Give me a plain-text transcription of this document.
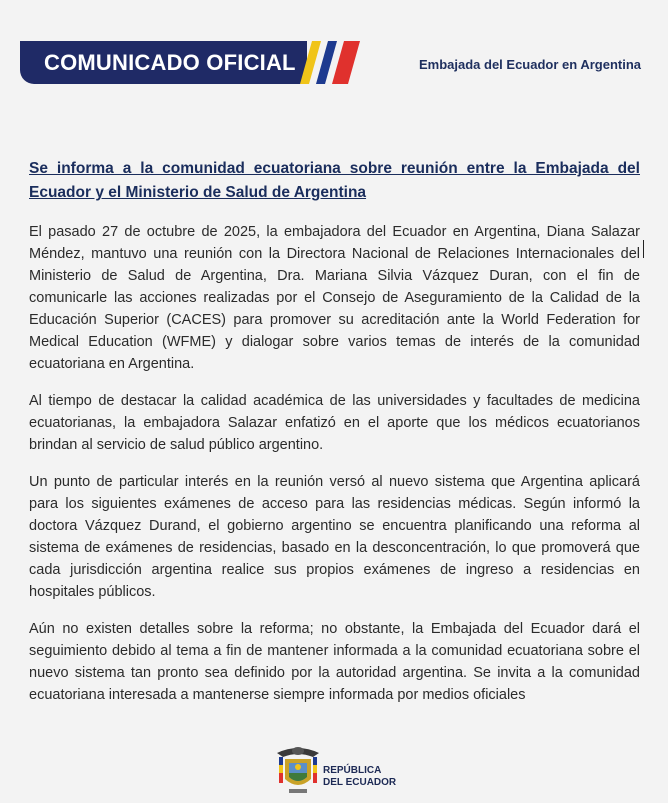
COMUNICADO OFICIAL	Embajada del Ecuador en Argentina
Se informa a la comunidad ecuatoriana sobre reunión entre la Embajada del Ecuador y el Ministerio de Salud de Argentina

El pasado 27 de octubre de 2025, la embajadora del Ecuador en Argentina, Diana Salazar Méndez, mantuvo una reunión con la Directora Nacional de Relaciones Internacionales del Ministerio de Salud de Argentina, Dra. Mariana Silvia Vázquez Duran, con el fin de comunicarle las acciones realizadas por el Consejo de Aseguramiento de la Calidad de la Educación Superior (CACES) para promover su acreditación ante la World Federation for Medical Education (WFME) y dialogar sobre varios temas de interés de la comunidad ecuatoriana en Argentina.

Al tiempo de destacar la calidad académica de las universidades y facultades de medicina ecuatorianas, la embajadora Salazar enfatizó en el aporte que los médicos ecuatorianos brindan al servicio de salud público argentino.

Un punto de particular interés en la reunión versó al nuevo sistema que Argentina aplicará para los siguientes exámenes de acceso para las residencias médicas. Según informó la doctora Vázquez Durand, el gobierno argentino se encuentra planificando una reforma al sistema de exámenes de residencias, basado en la desconcentración, lo que promoverá que cada jurisdicción argentina realice sus propios exámenes de ingreso a residencias en hospitales públicos.

Aún no existen detalles sobre la reforma; no obstante, la Embajada del Ecuador dará el seguimiento debido al tema a fin de mantener informada a la comunidad ecuatoriana sobre el nuevo sistema tan pronto sea definido por la autoridad argentina. Se invita a la comunidad ecuatoriana interesada a mantenerse siempre informada por medios oficiales

REPÚBLICA
DEL ECUADOR
